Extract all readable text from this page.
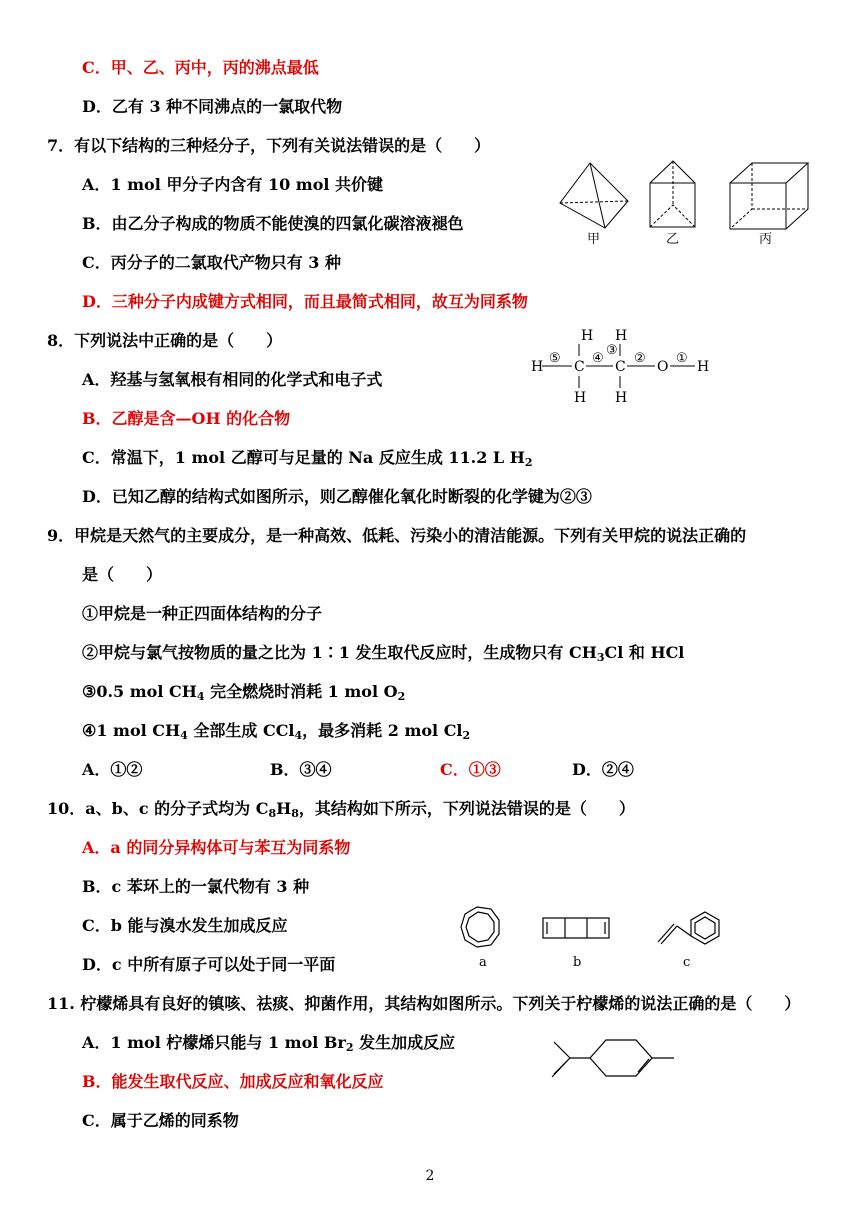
C．甲、乙、丙中，丙的沸点最低
D．乙有 3 种不同沸点的一氯取代物
7．有以下结构的三种烃分子，下列有关说法错误的是（　　）
A．1 mol 甲分子内含有 10 mol 共价键
B．由乙分子构成的物质不能使溴的四氯化碳溶液褪色
C．丙分子的二氯取代产物只有 3 种
D．三种分子内成键方式相同，而且最简式相同，故互为同系物
甲	乙	丙
8．下列说法中正确的是（　　）
A．羟基与氢氧根有相同的化学式和电子式
B．乙醇是含—OH 的化合物
C．常温下，1 mol 乙醇可与足量的 Na 反应生成 11.2 L $H_2$
D．已知乙醇的结构式如图所示，则乙醇催化氧化时断裂的化学键为②③
H H
H C C O H
H H
⑤ ④
③
② ①
9．甲烷是天然气的主要成分，是一种高效、低耗、污染小的清洁能源。下列有关甲烷的说法正确的
是（　　）
①甲烷是一种正四面体结构的分子
②甲烷与氯气按物质的量之比为 1∶1 发生取代反应时，生成物只有 $CH_3Cl$ 和 HCl
③0.5 mol $CH_4$ 完全燃烧时消耗 1 mol $O_2$
④1 mol $CH_4$ 全部生成 CCl$_4$，最多消耗 2 mol $Cl_2$
A．①②	B．③④	C．①③	D．②④
10．a、b、c 的分子式均为 $C_8H_8$，其结构如下所示，下列说法错误的是（　　）
A．a 的同分异构体可与苯互为同系物
B．c 苯环上的一氯代物有 3 种
C．b 能与溴水发生加成反应
D．c 中所有原子可以处于同一平面	a	b	c
11. 柠檬烯具有良好的镇咳、祛痰、抑菌作用，其结构如图所示。下列关于柠檬烯的说法正确的是（　　）
A．1 mol 柠檬烯只能与 1 mol $Br_2$ 发生加成反应
B．能发生取代反应、加成反应和氧化反应
C．属于乙烯的同系物
2
